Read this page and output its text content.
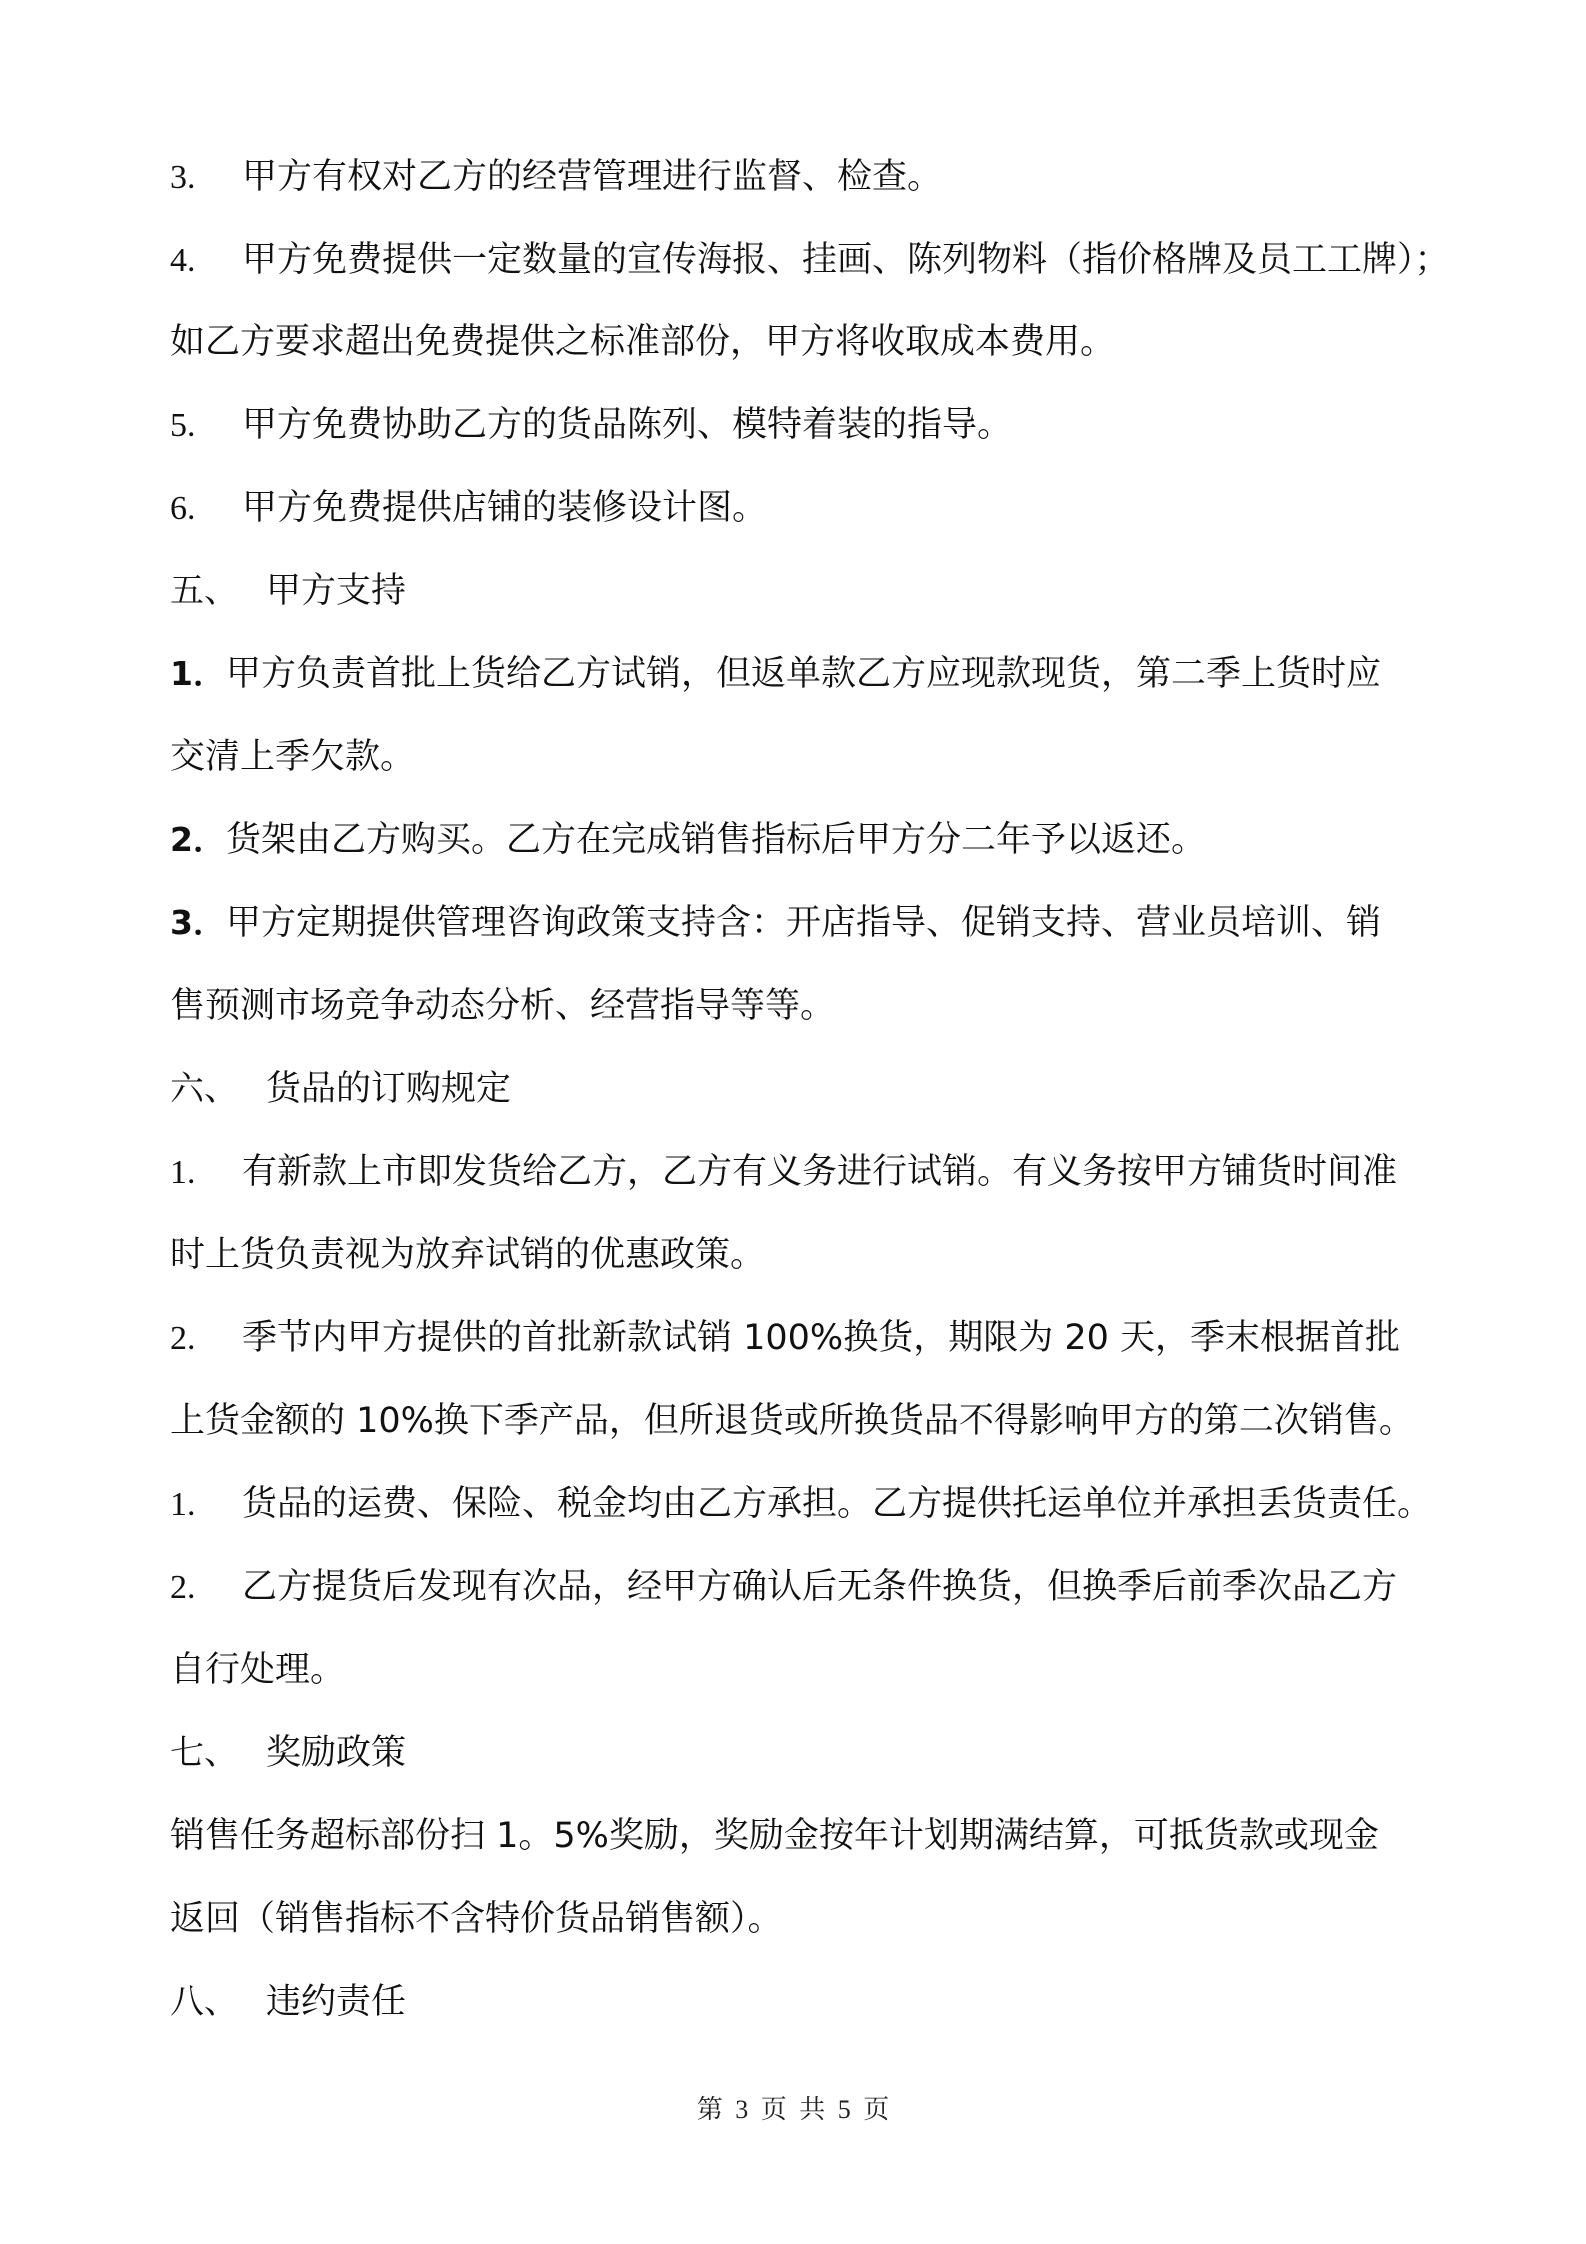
3. 甲方有权对乙方的经营管理进行监督、检查。
4. 甲方免费提供一定数量的宣传海报、挂画、陈列物料（指价格牌及员工工牌）；
如乙方要求超出免费提供之标准部份，甲方将收取成本费用。
5. 甲方免费协助乙方的货品陈列、模特着装的指导。
6. 甲方免费提供店铺的装修设计图。
五、 甲方支持
1．甲方负责首批上货给乙方试销，但返单款乙方应现款现货，第二季上货时应
交清上季欠款。
2．货架由乙方购买。乙方在完成销售指标后甲方分二年予以返还。
3．甲方定期提供管理咨询政策支持含：开店指导、促销支持、营业员培训、销
售预测市场竞争动态分析、经营指导等等。
六、 货品的订购规定
1. 有新款上市即发货给乙方，乙方有义务进行试销。有义务按甲方铺货时间准
时上货负责视为放弃试销的优惠政策。
2. 季节内甲方提供的首批新款试销 100%换货，期限为 20 天，季末根据首批
上货金额的 10%换下季产品，但所退货或所换货品不得影响甲方的第二次销售。
1. 货品的运费、保险、税金均由乙方承担。乙方提供托运单位并承担丢货责任。
2. 乙方提货后发现有次品，经甲方确认后无条件换货，但换季后前季次品乙方
自行处理。
七、 奖励政策
销售任务超标部份扫 1。5%奖励，奖励金按年计划期满结算，可抵货款或现金
返回（销售指标不含特价货品销售额）。
八、 违约责任
第 3 页 共 5 页
